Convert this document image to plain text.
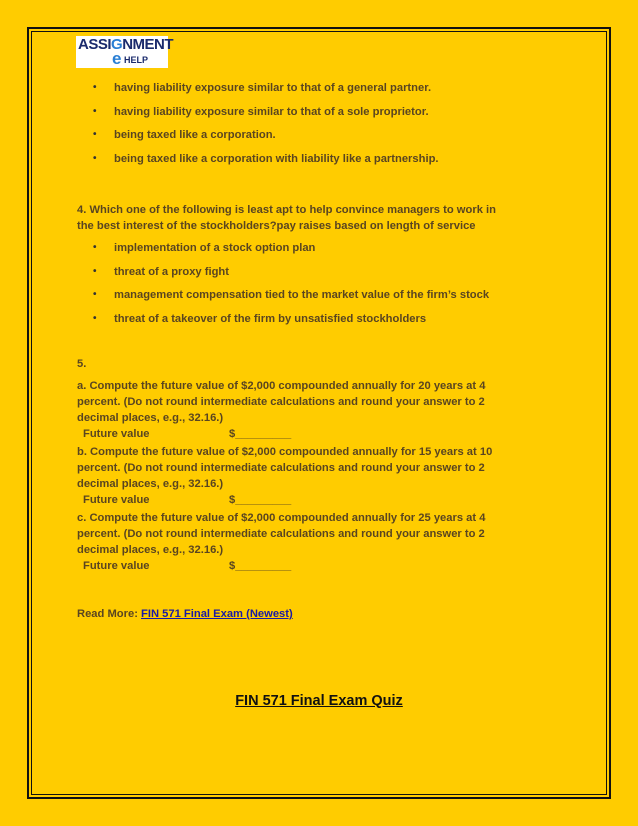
ASSIGNMENT
e HELP
• having liability exposure similar to that of a general partner.
• having liability exposure similar to that of a sole proprietor.
• being taxed like a corporation.
• being taxed like a corporation with liability like a partnership.

4. Which one of the following is least apt to help convince managers to work in
the best interest of the stockholders?pay raises based on length of service

• implementation of a stock option plan
• threat of a proxy fight
• management compensation tied to the market value of the firm’s stock
• threat of a takeover of the firm by unsatisfied stockholders

5.

a. Compute the future value of $2,000 compounded annually for 20 years at 4
percent. (Do not round intermediate calculations and round your answer to 2
decimal places, e.g., 32.16.)

Future value	$_________

b. Compute the future value of $2,000 compounded annually for 15 years at 10
percent. (Do not round intermediate calculations and round your answer to 2
decimal places, e.g., 32.16.)

Future value	$_________

c. Compute the future value of $2,000 compounded annually for 25 years at 4
percent. (Do not round intermediate calculations and round your answer to 2
decimal places, e.g., 32.16.)

Future value	$_________

Read More: FIN 571 Final Exam (Newest)

FIN 571 Final Exam Quiz
